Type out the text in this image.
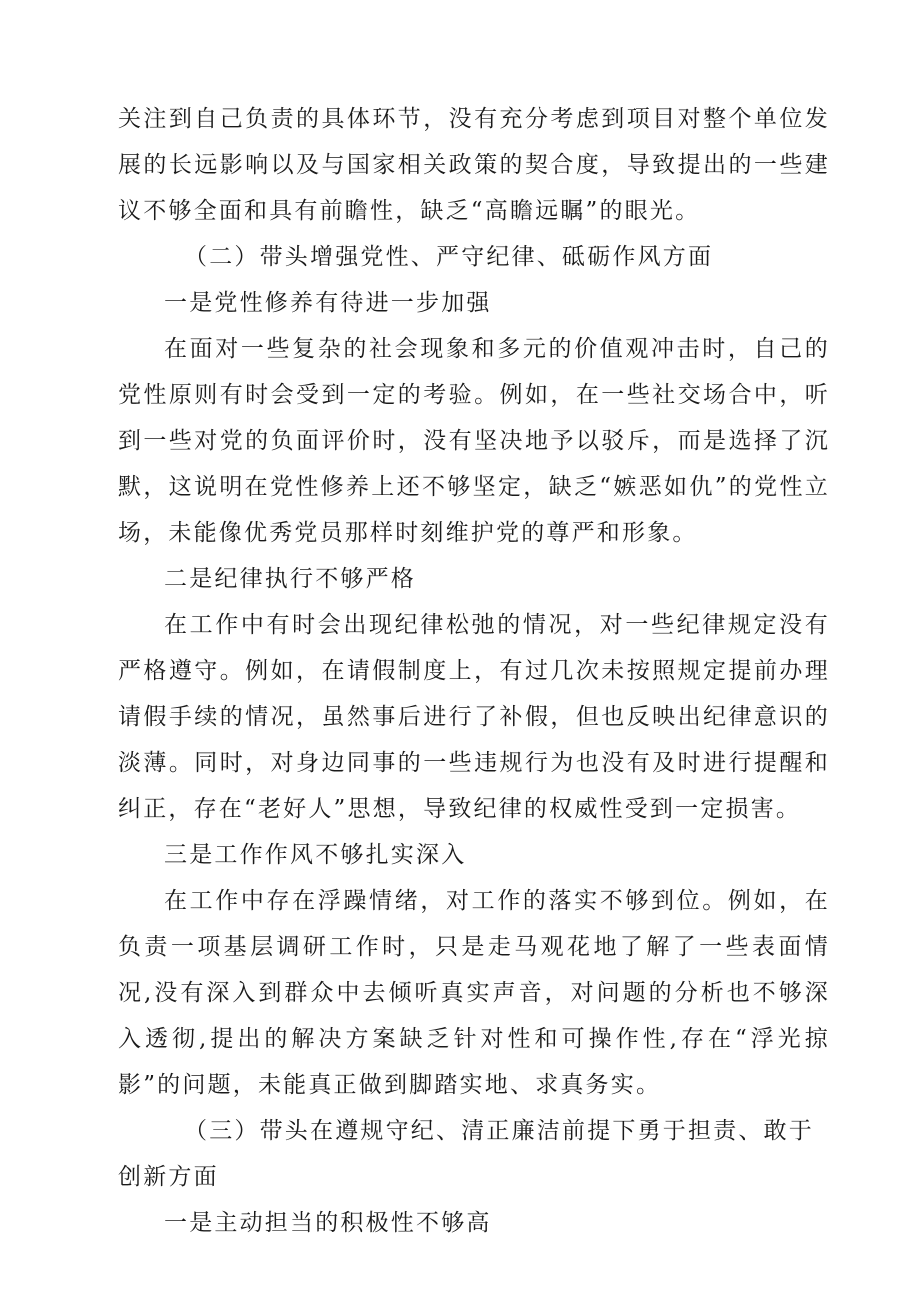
关注到自己负责的具体环节，没有充分考虑到项目对整个单位发展的长远影响以及与国家相关政策的契合度，导致提出的一些建议不够全面和具有前瞻性，缺乏“高瞻远瞩”的眼光。

（二）带头增强党性、严守纪律、砥砺作风方面

一是党性修养有待进一步加强

在面对一些复杂的社会现象和多元的价值观冲击时，自己的党性原则有时会受到一定的考验。例如，在一些社交场合中，听到一些对党的负面评价时，没有坚决地予以驳斥，而是选择了沉默，这说明在党性修养上还不够坚定，缺乏“嫉恶如仇”的党性立场，未能像优秀党员那样时刻维护党的尊严和形象。

二是纪律执行不够严格

在工作中有时会出现纪律松弛的情况，对一些纪律规定没有严格遵守。例如，在请假制度上，有过几次未按照规定提前办理请假手续的情况，虽然事后进行了补假，但也反映出纪律意识的淡薄。同时，对身边同事的一些违规行为也没有及时进行提醒和纠正，存在“老好人”思想，导致纪律的权威性受到一定损害。

三是工作作风不够扎实深入

在工作中存在浮躁情绪，对工作的落实不够到位。例如，在负责一项基层调研工作时，只是走马观花地了解了一些表面情况,没有深入到群众中去倾听真实声音，对问题的分析也不够深入透彻,提出的解决方案缺乏针对性和可操作性,存在“浮光掠影”的问题，未能真正做到脚踏实地、求真务实。

（三）带头在遵规守纪、清正廉洁前提下勇于担责、敢于创新方面

一是主动担当的积极性不够高
